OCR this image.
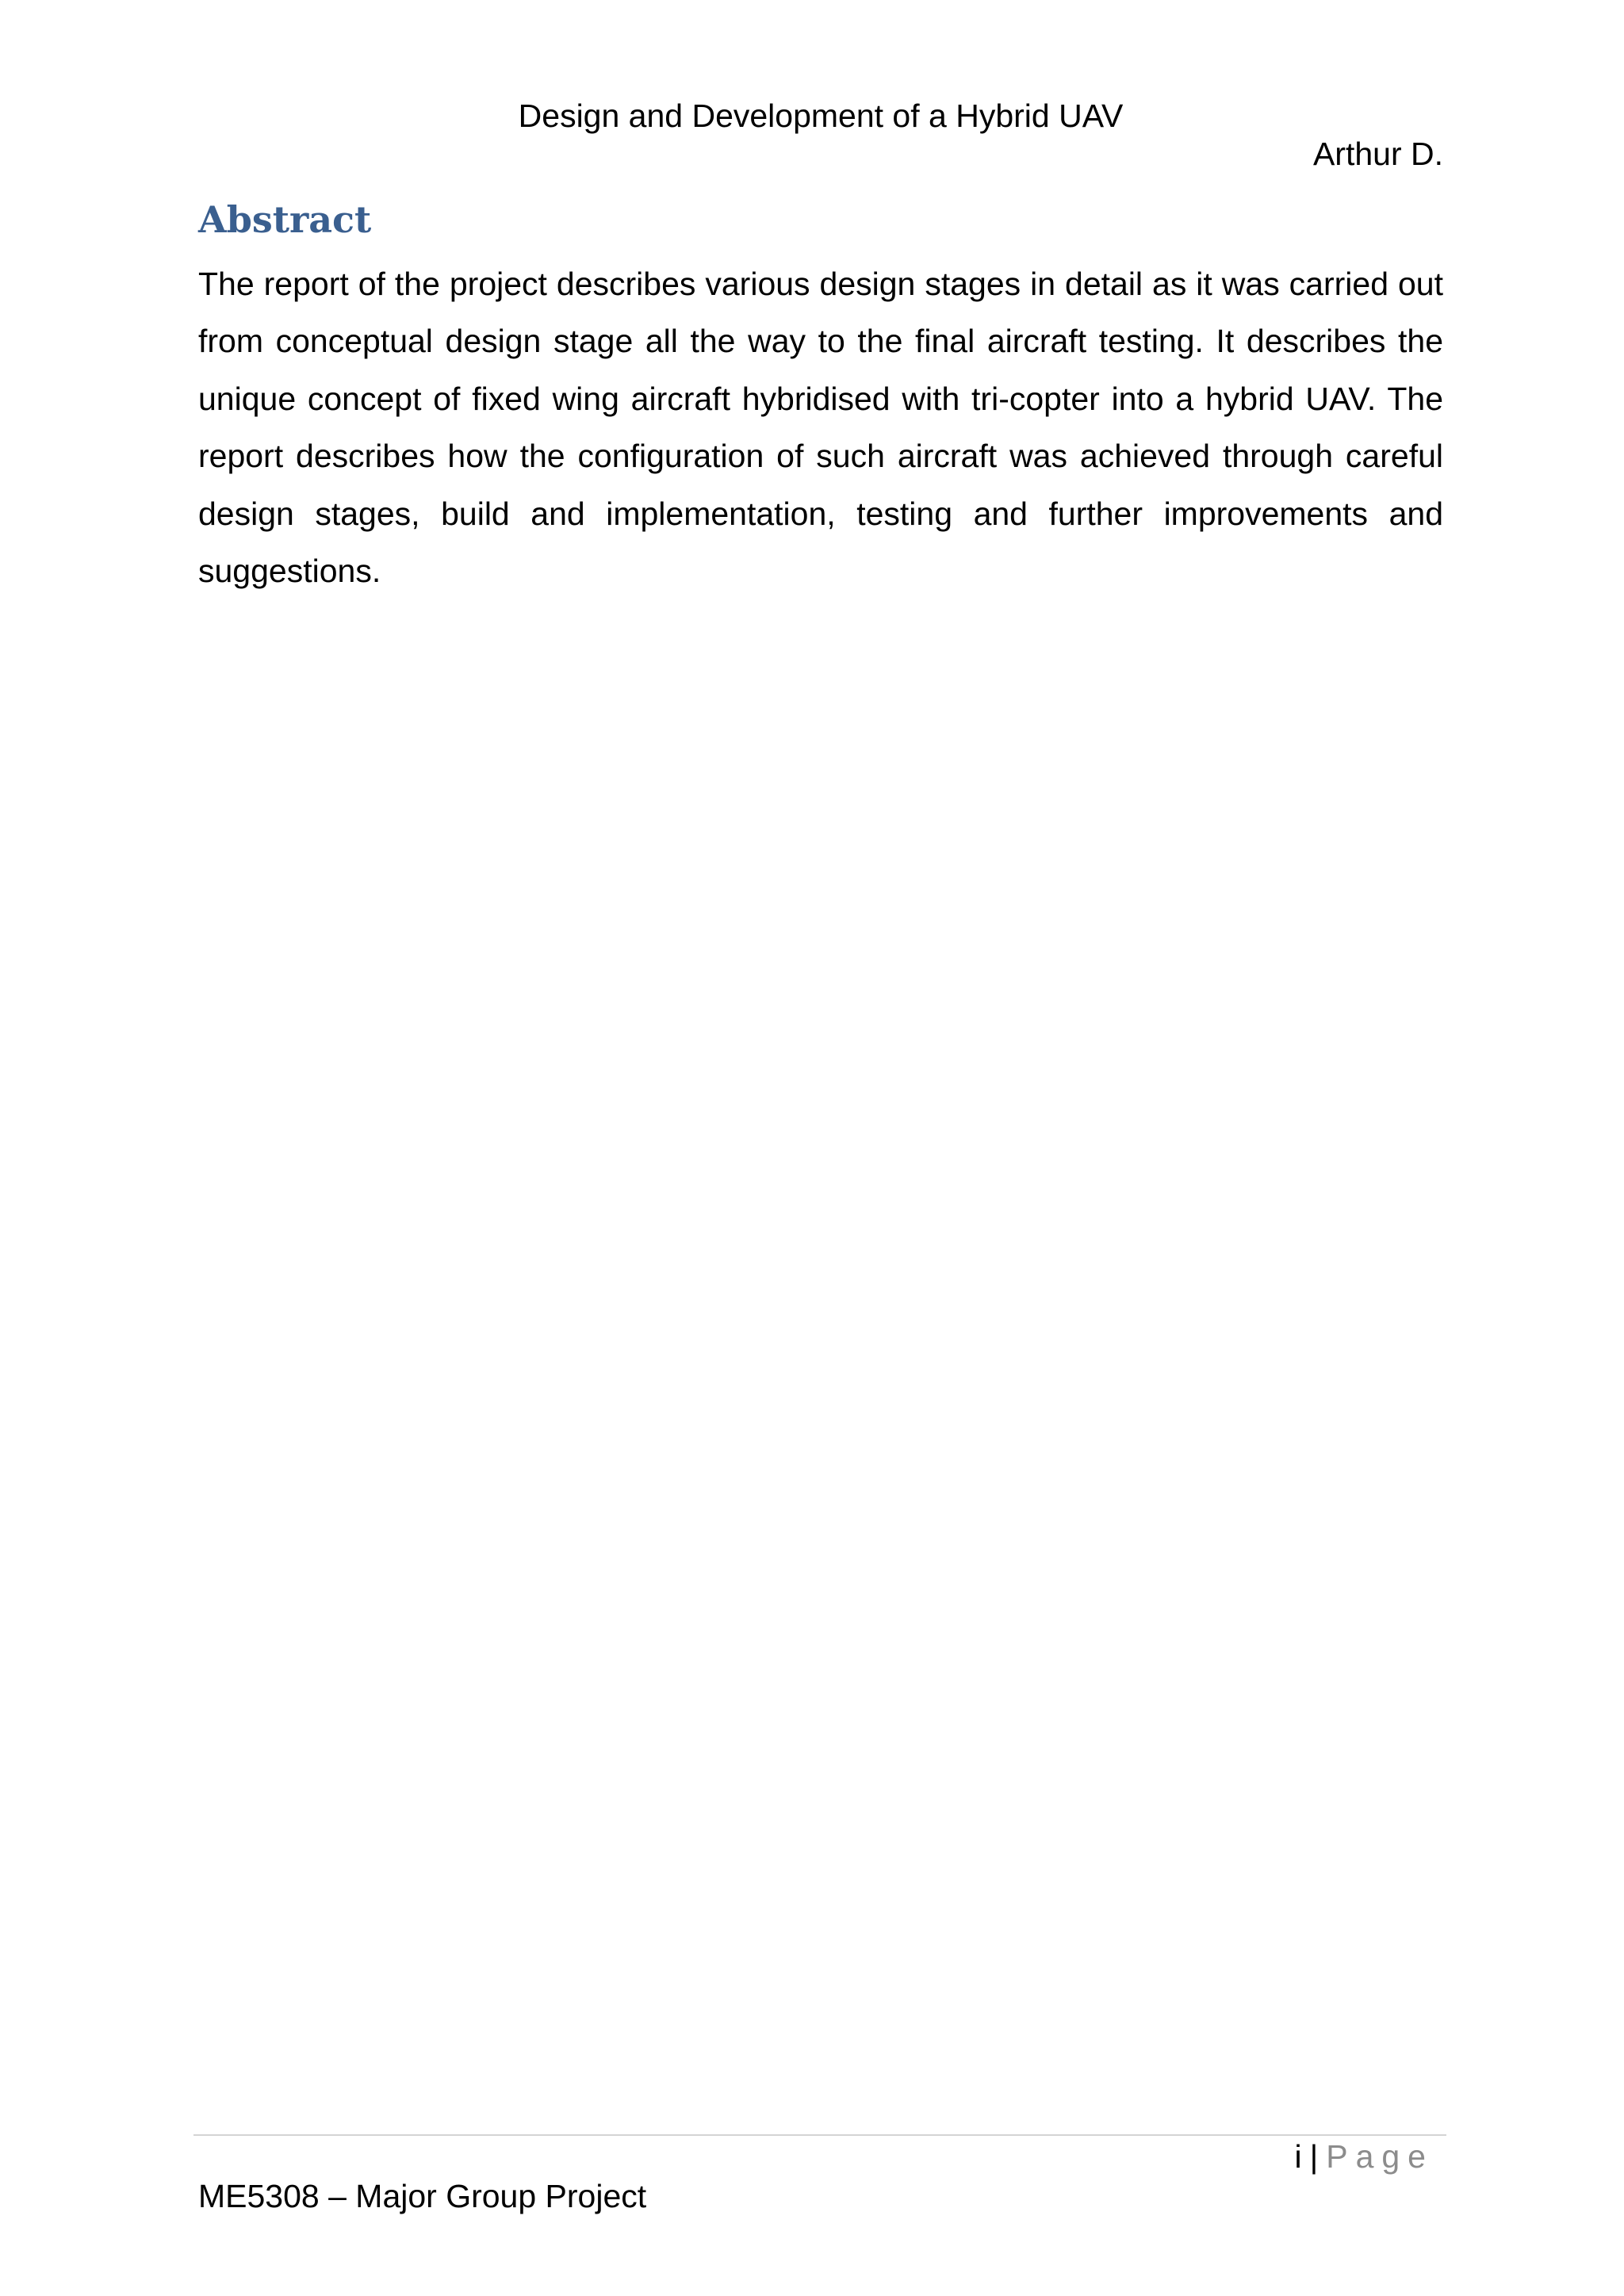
Design and Development of a Hybrid UAV
Arthur D.
Abstract

The report of the project describes various design stages in detail as it was carried out from conceptual design stage all the way to the final aircraft testing. It describes the unique concept of fixed wing aircraft hybridised with tri-copter into a hybrid UAV. The report describes how the configuration of such aircraft was achieved through careful design stages, build and implementation, testing and further improvements and suggestions.

i | Page
ME5308 – Major Group Project
